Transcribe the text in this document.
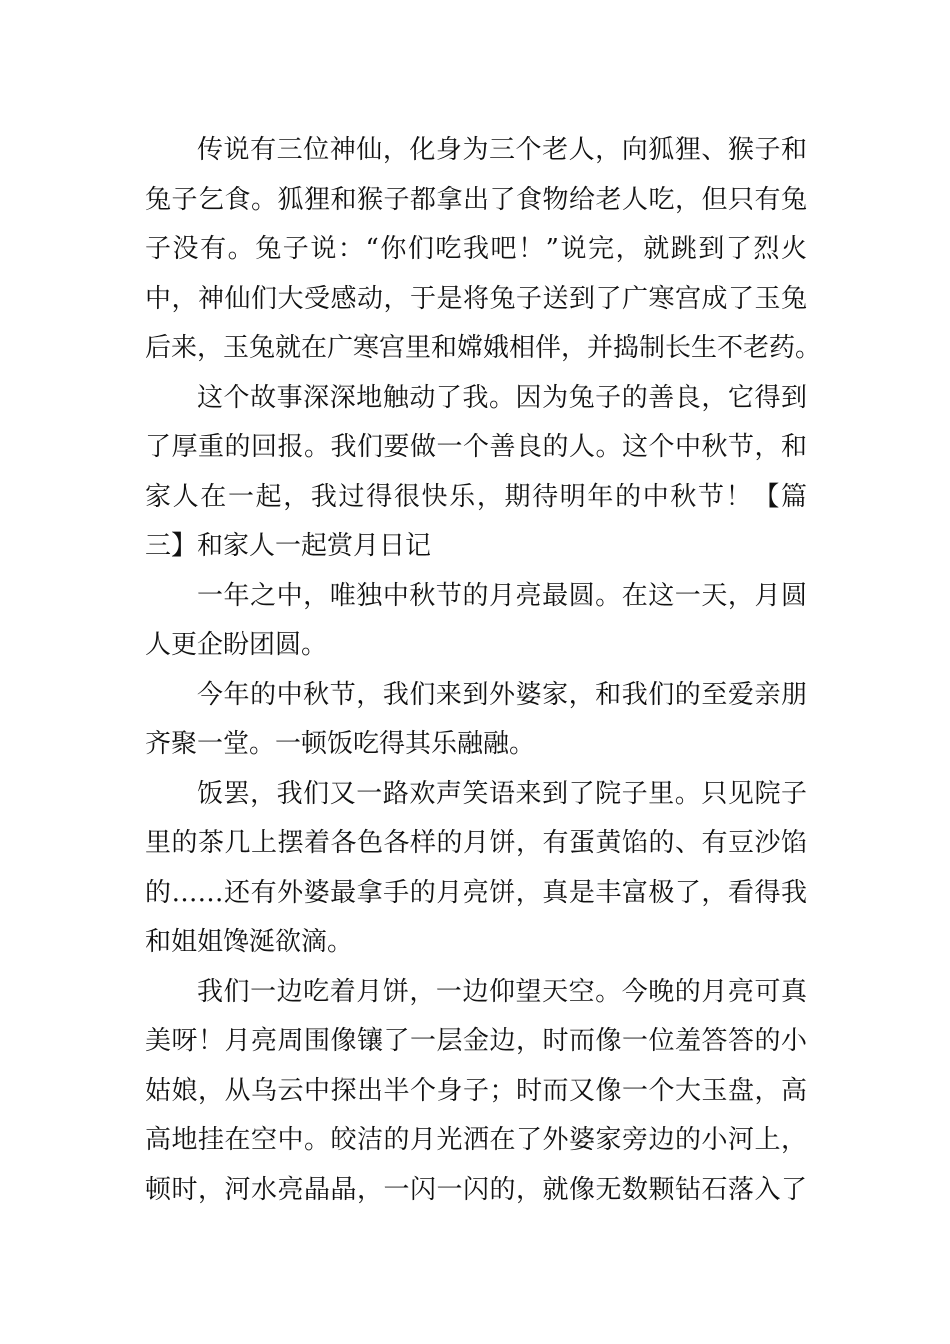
传说有三位神仙，化身为三个老人，向狐狸、猴子和
兔子乞食。狐狸和猴子都拿出了食物给老人吃，但只有兔
子没有。兔子说：“你们吃我吧！”说完，就跳到了烈火
中，神仙们大受感动，于是将兔子送到了广寒宫成了玉兔
后来，玉兔就在广寒宫里和嫦娥相伴，并捣制长生不老药。
这个故事深深地触动了我。因为兔子的善良，它得到
了厚重的回报。我们要做一个善良的人。这个中秋节，和
家人在一起，我过得很快乐，期待明年的中秋节！【篇
三】和家人一起赏月日记
一年之中，唯独中秋节的月亮最圆。在这一天，月圆
人更企盼团圆。
今年的中秋节，我们来到外婆家，和我们的至爱亲朋
齐聚一堂。一顿饭吃得其乐融融。
饭罢，我们又一路欢声笑语来到了院子里。只见院子
里的茶几上摆着各色各样的月饼，有蛋黄馅的、有豆沙馅
的……还有外婆最拿手的月亮饼，真是丰富极了，看得我
和姐姐馋涎欲滴。
我们一边吃着月饼，一边仰望天空。今晚的月亮可真
美呀！月亮周围像镶了一层金边，时而像一位羞答答的小
姑娘，从乌云中探出半个身子；时而又像一个大玉盘，高
高地挂在空中。皎洁的月光洒在了外婆家旁边的小河上，
顿时，河水亮晶晶，一闪一闪的，就像无数颗钻石落入了
